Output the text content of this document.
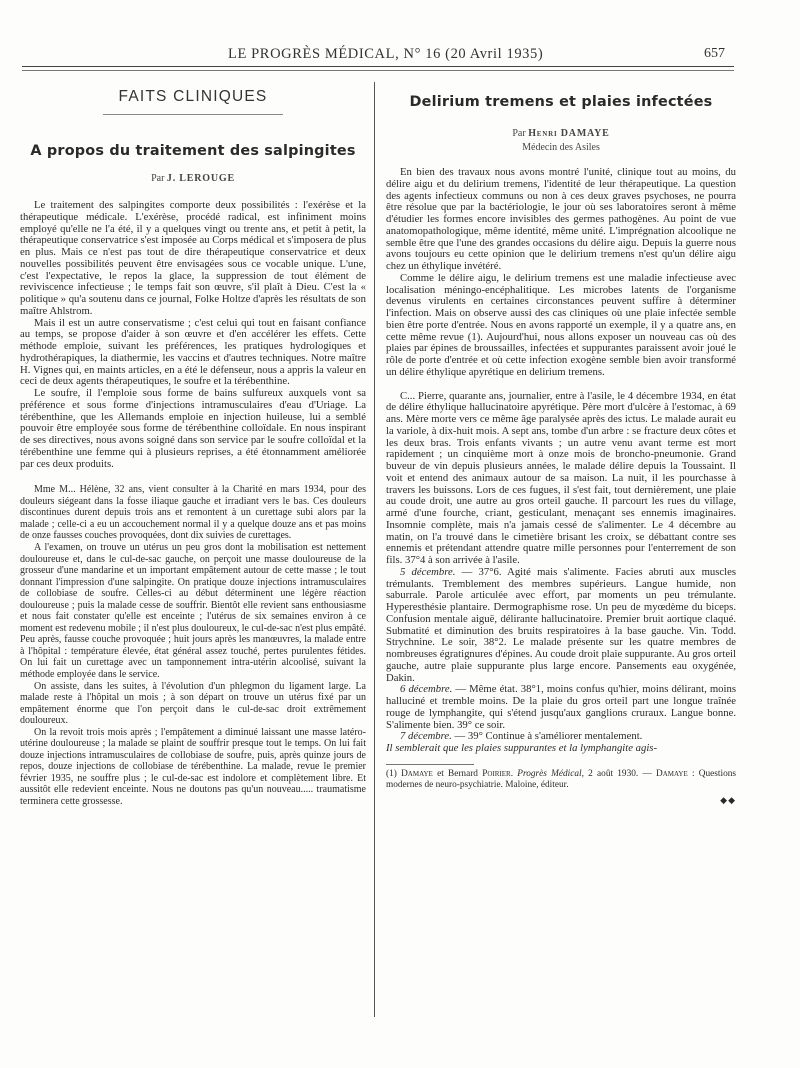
LE PROGRÈS MÉDICAL, N° 16 (20 Avril 1935)	657
FAITS CLINIQUES
A propos du traitement des salpingites
Par J. LEROUGE

Le traitement des salpingites comporte deux possibilités : l'exérèse et la thérapeutique médicale. L'exérèse, procédé radical, est infiniment moins employé qu'elle ne l'a été, il y a quelques vingt ou trente ans, et petit à petit, la thérapeutique conservatrice s'est imposée au Corps médical et s'imposera de plus en plus. Mais ce n'est pas tout de dire thérapeutique conservatrice et deux nouvelles possibilités peuvent être envisagées sous ce vocable unique. L'une, c'est l'expectative, le repos la glace, la suppression de tout élément de reviviscence infectieuse ; le temps fait son œuvre, s'il plaît à Dieu. C'est la « politique » qu'a soutenu dans ce journal, Folke Holtze d'après les résultats de son maître Ahlstrom.

Mais il est un autre conservatisme ; c'est celui qui tout en faisant confiance au temps, se propose d'aider à son œuvre et d'en accélérer les effets. Cette méthode emploie, suivant les préférences, les pratiques hydrologiques et hydrothérapiques, la diathermie, les vaccins et d'autres techniques. Notre maître H. Vignes qui, en maints articles, en a été le défenseur, nous a appris la valeur en ceci de deux agents thérapeutiques, le soufre et la térébenthine.

Le soufre, il l'emploie sous forme de bains sulfureux auxquels vont sa préférence et sous forme d'injections intramusculaires d'eau d'Uriage. La térébenthine, que les Allemands emploie en injection huileuse, lui a semblé pouvoir être employée sous forme de térébenthine colloïdale. En nous inspirant de ses directives, nous avons soigné dans son service par le soufre colloïdal et la térébenthine une femme qui à plusieurs reprises, a été étonnamment améliorée par ces deux produits.

Mme M... Hélène, 32 ans, vient consulter à la Charité en mars 1934, pour des douleurs siégeant dans la fosse iliaque gauche et irradiant vers le bas. Ces douleurs discontinues durent depuis trois ans et remontent à un curettage subi alors par la malade ; celle-ci a eu un accouchement normal il y a quelque douze ans et pas moins de onze fausses couches provoquées, dont dix suivies de curettages.

A l'examen, on trouve un utérus un peu gros dont la mobilisation est nettement douloureuse et, dans le cul-de-sac gauche, on perçoit une masse douloureuse de la grosseur d'une mandarine et un important empâtement autour de cette masse ; le tout donnant l'impression d'une salpingite. On pratique douze injections intramusculaires de collobiase de soufre. Celles-ci au début déterminent une légère réaction douloureuse ; puis la malade cesse de souffrir. Bientôt elle revient sans enthousiasme et nous fait constater qu'elle est enceinte ; l'utérus de six semaines environ à ce moment est redevenu mobile ; il n'est plus douloureux, le cul-de-sac n'est plus empâté. Peu après, fausse couche provoquée ; huit jours après les manœuvres, la malade entre à l'hôpital : température élevée, état général assez touché, pertes purulentes fétides. On lui fait un curettage avec un tamponnement intra-utérin alcoolisé, suivant la méthode employée dans le service.

On assiste, dans les suites, à l'évolution d'un phlegmon du ligament large. La malade reste à l'hôpital un mois ; à son départ on trouve un utérus fixé par un empâtement énorme que l'on perçoit dans le cul-de-sac droit extrêmement douloureux.

On la revoit trois mois après ; l'empâtement a diminué laissant une masse latéro-utérine douloureuse ; la malade se plaint de souffrir presque tout le temps. On lui fait douze injections intramusculaires de collobiase de soufre, puis, après quinze jours de repos, douze injections de collobiase de térébenthine. La malade, revue le premier février 1935, ne souffre plus ; le cul-de-sac est indolore et complètement libre. Et aussitôt elle redevient enceinte. Nous ne doutons pas qu'un nouveau..... traumatisme terminera cette grossesse.

Delirium tremens et plaies infectées
Par Henri DAMAYE
Médecin des Asiles

En bien des travaux nous avons montré l'unité, clinique tout au moins, du délire aigu et du delirium tremens, l'identité de leur thérapeutique. La question des agents infectieux communs ou non à ces deux graves psychoses, ne pourra être résolue que par la bactériologie, le jour où ses laboratoires seront à même d'étudier les formes encore invisibles des germes pathogènes. Au point de vue anatomopathologique, même identité, même unité. L'imprégnation alcoolique ne semble être que l'une des grandes occasions du délire aigu. Depuis la guerre nous avons toujours eu cette opinion que le delirium tremens n'est qu'un délire aigu chez un éthylique invétéré.

Comme le délire aigu, le delirium tremens est une maladie infectieuse avec localisation méningo-encéphalitique. Les microbes latents de l'organisme devenus virulents en certaines circonstances peuvent suffire à déterminer l'infection. Mais on observe aussi des cas cliniques où une plaie infectée semble bien être porte d'entrée. Nous en avons rapporté un exemple, il y a quatre ans, en cette même revue (1). Aujourd'hui, nous allons exposer un nouveau cas où des plaies par épines de broussailles, infectées et suppurantes paraissent avoir joué le rôle de porte d'entrée et où cette infection exogène semble bien avoir transformé un délire éthylique apyrétique en delirium tremens.

C... Pierre, quarante ans, journalier, entre à l'asile, le 4 décembre 1934, en état de délire éthylique hallucinatoire apyrétique. Père mort d'ulcère à l'estomac, à 69 ans. Mère morte vers ce même âge paralysée après des ictus. Le malade aurait eu la variole, à dix-huit mois. A sept ans, tombe d'un arbre : se fracture deux côtes et les deux bras. Trois enfants vivants ; un autre venu avant terme est mort rapidement ; un cinquième mort à onze mois de broncho-pneumonie. Grand buveur de vin depuis plusieurs années, le malade délire depuis la Toussaint. Il voit et entend des animaux autour de sa maison. La nuit, il les pourchasse à travers les buissons. Lors de ces fugues, il s'est fait, tout dernièrement, une plaie au coude droit, une autre au gros orteil gauche. Il parcourt les rues du village, armé d'une fourche, criant, gesticulant, menaçant ses ennemis imaginaires. Insomnie complète, mais n'a jamais cessé de s'alimenter. Le 4 décembre au matin, on l'a trouvé dans le cimetière brisant les croix, se débattant contre ses ennemis et prétendant attendre quatre mille personnes pour l'enterrement de son fils. 37°4 à son arrivée à l'asile.

5 décembre. — 37°6. Agité mais s'alimente. Facies abruti aux muscles trémulants. Tremblement des membres supérieurs. Langue humide, non saburrale. Parole articulée avec effort, par moments un peu trémulante. Hyperesthésie plantaire. Dermographisme rose. Un peu de myœdème du biceps. Confusion mentale aiguë, délirante hallucinatoire. Premier bruit aortique claqué. Submatité et diminution des bruits respiratoires à la base gauche. Vin. Todd. Strychnine. Le soir, 38°2. Le malade présente sur les quatre membres de nombreuses égratignures d'épines. Au coude droit plaie suppurante. Au gros orteil gauche, autre plaie suppurante plus large encore. Pansements eau oxygénée, Dakin.

6 décembre. — Même état. 38°1, moins confus qu'hier, moins délirant, moins halluciné et tremble moins. De la plaie du gros orteil part une longue traînée rouge de lymphangite, qui s'étend jusqu'aux ganglions cruraux. Langue bonne. S'alimente bien. 39° ce soir.

7 décembre. — 39° Continue à s'améliorer mentalement.

Il semblerait que les plaies suppurantes et la lymphangite agis-

(1) Damaye et Bernard Poirier. Progrès Médical, 2 août 1930. — Damaye : Questions modernes de neuro-psychiatrie. Maloine, éditeur.
◆◆
